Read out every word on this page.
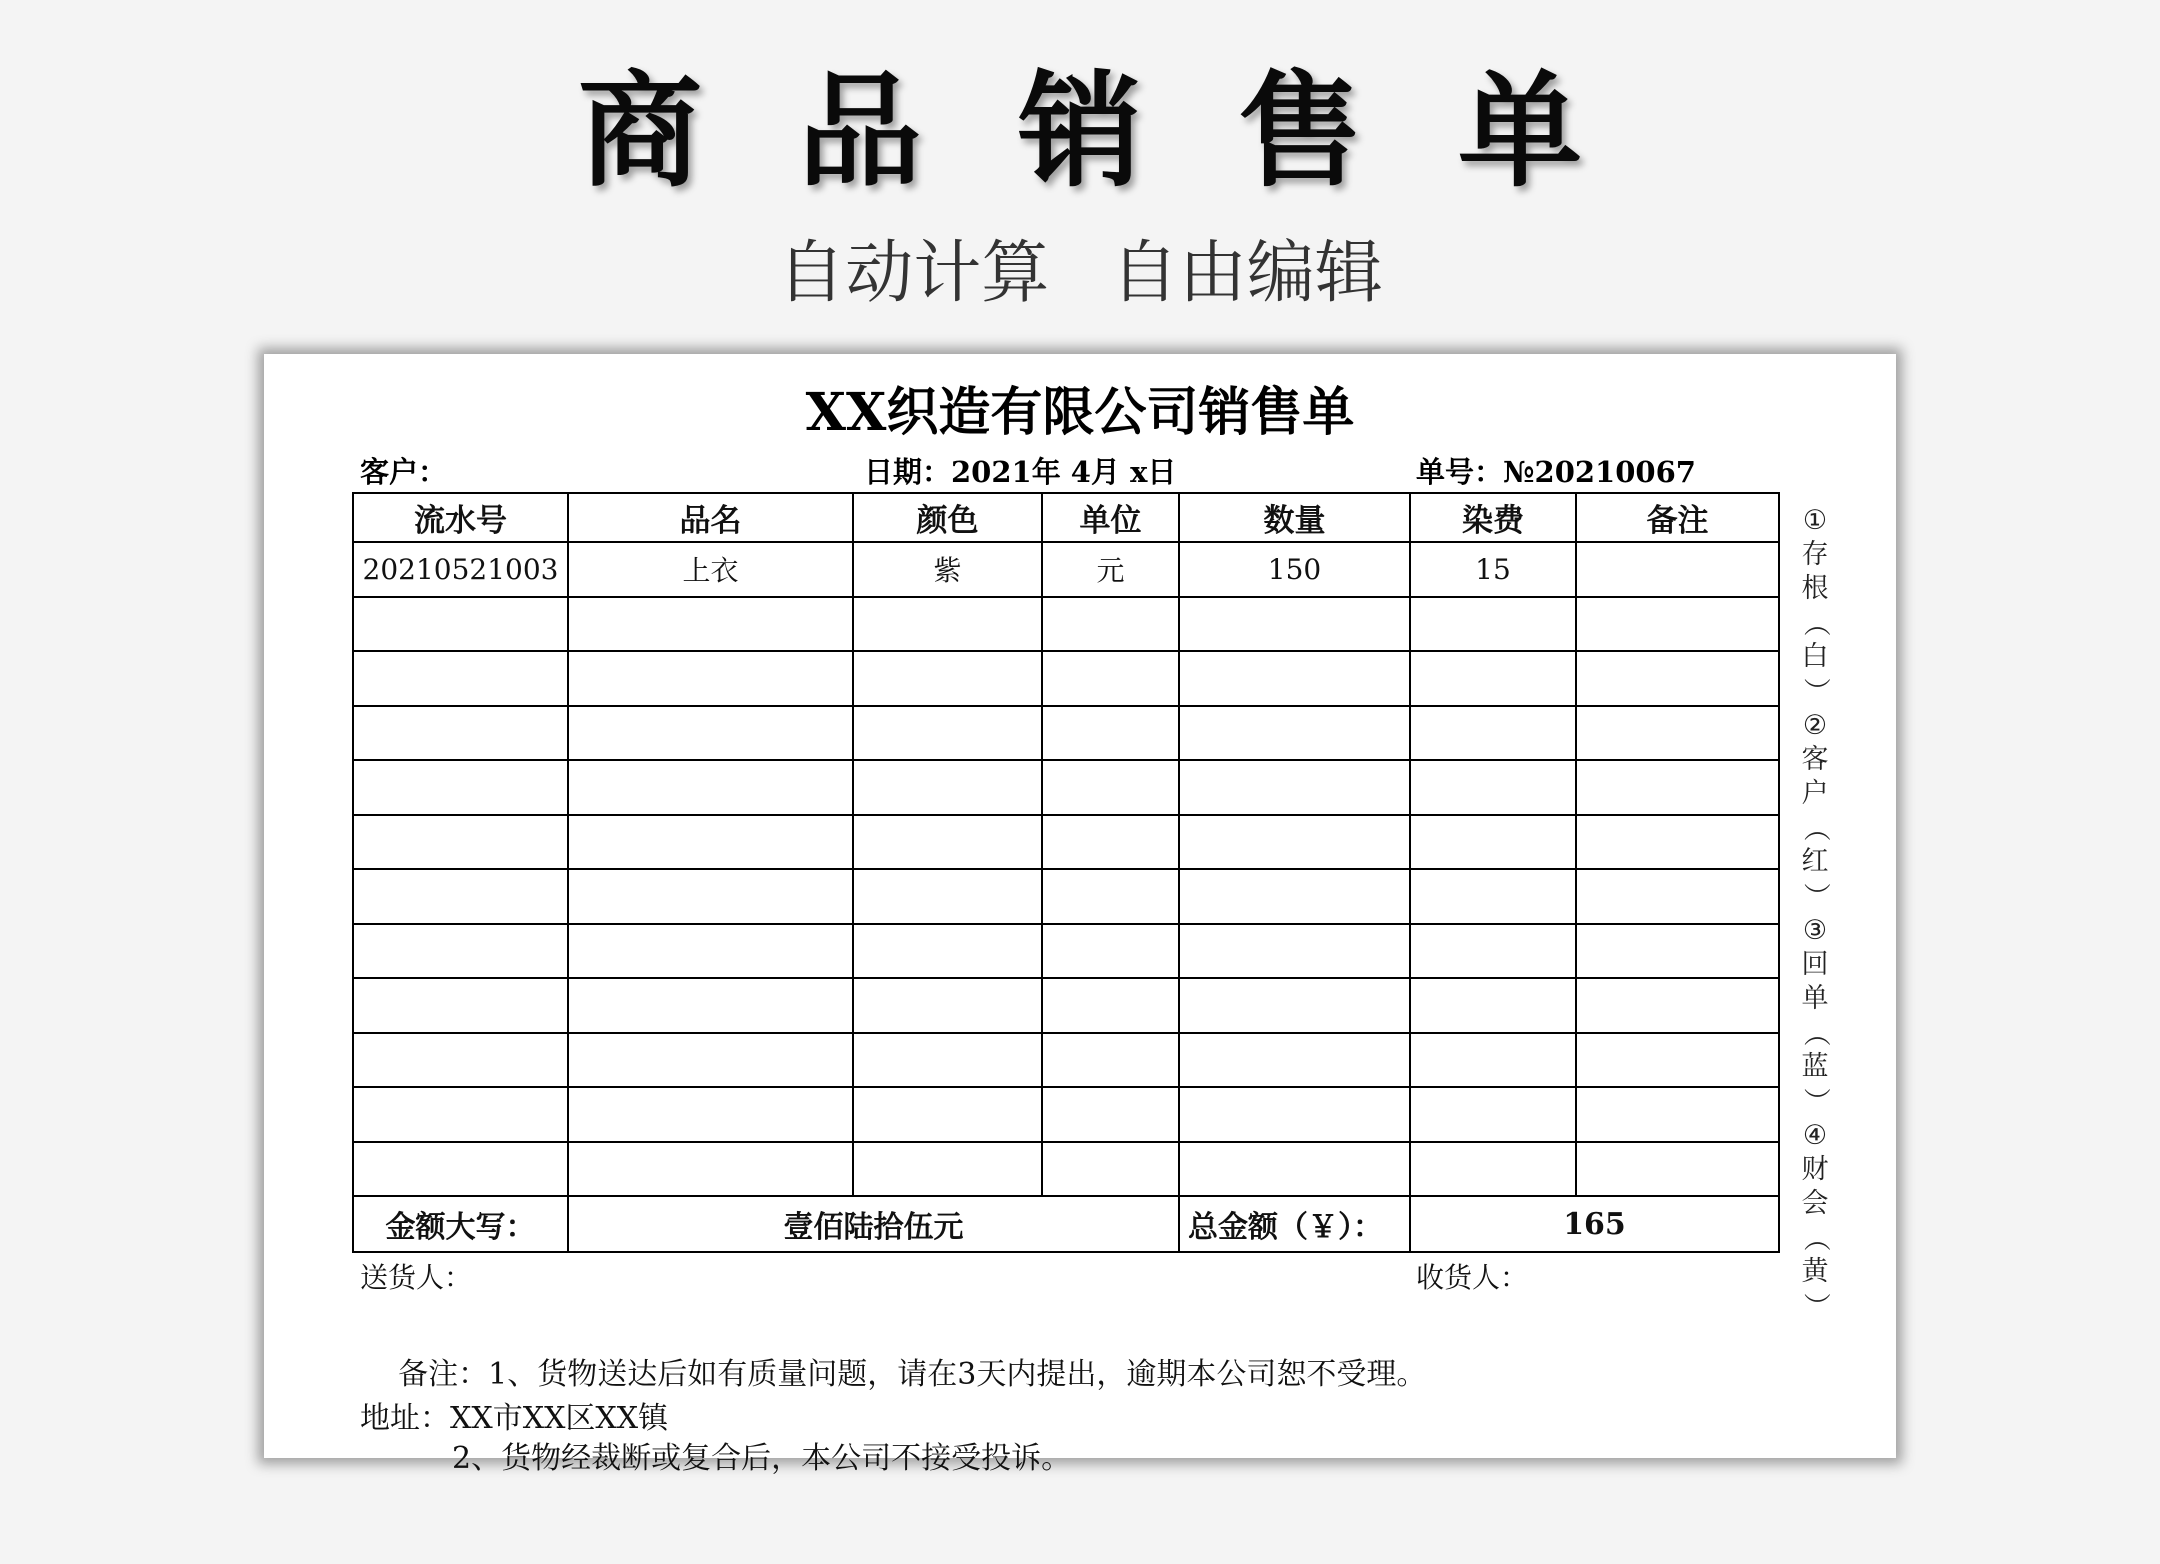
商品销售单
自动计算 自由编辑
XX织造有限公司销售单
客户：	日期：2021年 4月 x日	单号：№20210067
流水号	品名	颜色	单位	数量	染费	备注
20210521003	上衣	紫	元	150	15	

金额大写：	壹佰陆拾伍元			总金额（￥）：	165	
①
存
根
（
白
）
②
客
户
（
红
）
③
回
单
（
蓝
）
④
财
会
（
黄
）
送货人：	收货人：

备注：1、货物送达后如有质量问题，请在3天内提出，逾期本公司恕不受理。

2、货物经裁断或复合后，本公司不接受投诉。

地址：XX市XX区XX镇
